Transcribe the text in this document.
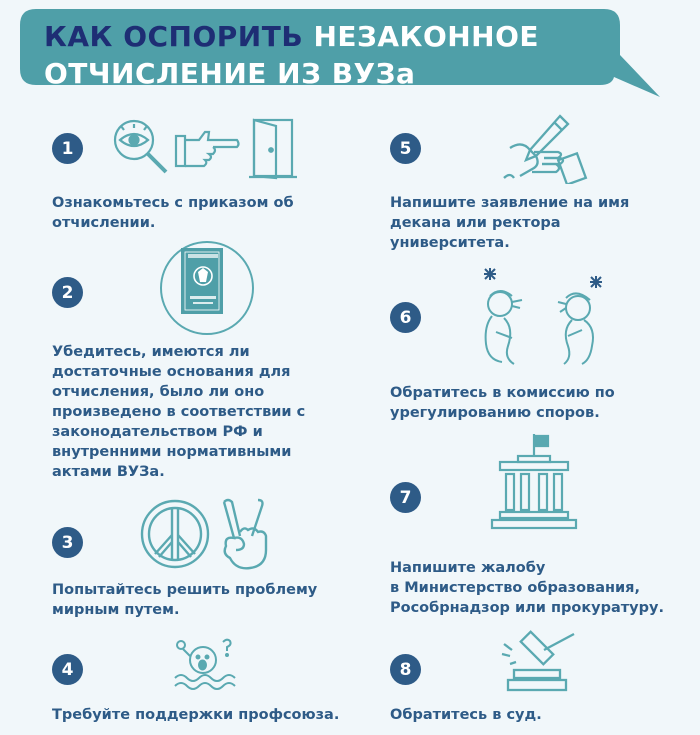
КАК ОСПОРИТЬ НЕЗАКОННОЕ
ОТЧИСЛЕНИЕ ИЗ ВУЗа
1
Ознакомьтесь с приказом об
отчислении.
2
Убедитесь, имеются ли
достаточные основания для
отчисления, было ли оно
произведено в соответствии с
законодательством РФ и
внутренними нормативными
актами ВУЗа.
3
Попытайтесь решить проблему
мирным путем.
4
Требуйте поддержки профсоюза.
5
Напишите заявление на имя
декана или ректора
университета.
6
Обратитесь в комиссию по
урегулированию споров.
7
Напишите жалобу
в Министерство образования,
Рособрнадзор или прокуратуру.
8
Обратитесь в суд.
